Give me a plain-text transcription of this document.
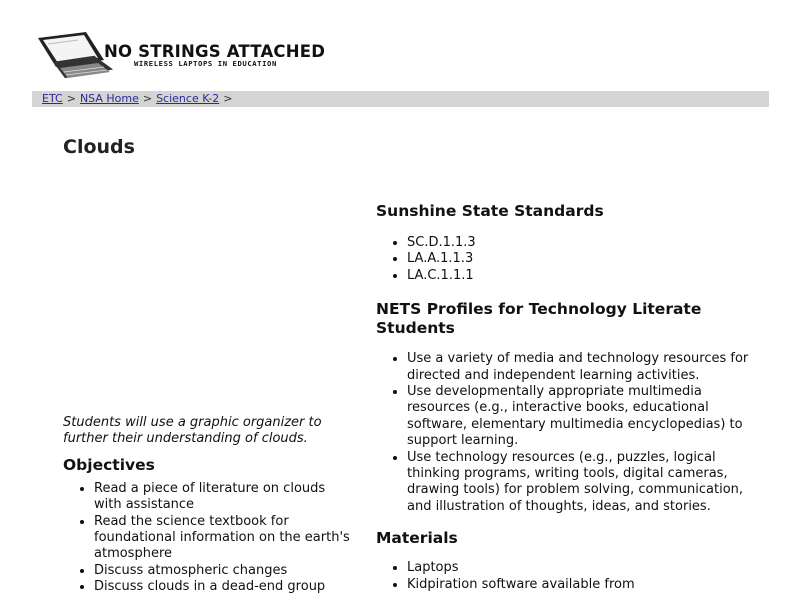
NO STRINGS ATTACHED
WIRELESS LAPTOPS IN EDUCATION
ETC > NSA Home > Science K-2 >
Clouds

Students will use a graphic organizer to further their understanding of clouds.

Objectives
• Read a piece of literature on clouds with assistance
• Read the science textbook for foundational information on the earth's atmosphere
• Discuss atmospheric changes
• Discuss clouds in a dead-end group
Sunshine State Standards
• SC.D.1.1.3
• LA.A.1.1.3
• LA.C.1.1.1
NETS Profiles for Technology Literate Students
• Use a variety of media and technology resources for directed and independent learning activities.
• Use developmentally appropriate multimedia resources (e.g., interactive books, educational software, elementary multimedia encyclopedias) to support learning.
• Use technology resources (e.g., puzzles, logical thinking programs, writing tools, digital cameras, drawing tools) for problem solving, communication, and illustration of thoughts, ideas, and stories.
Materials
• Laptops
• Kidpiration software available from
